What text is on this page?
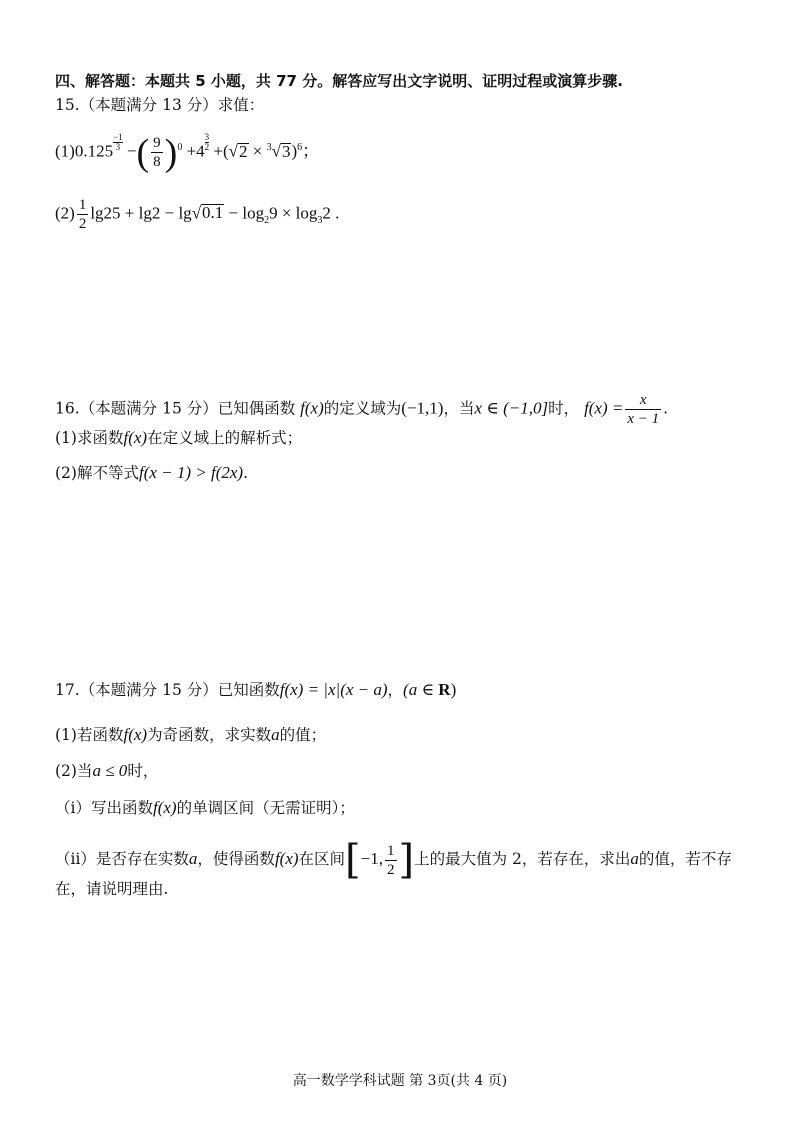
四、解答题：本题共 5 小题，共 77 分。解答应写出文字说明、证明过程或演算步骤.
15.（本题满分 13 分）求值：
$(1)0.125 \frac{-1}{3}$ −( $\frac{9}{8} )^0 +4 \frac{3}{2} +(√2 \times ^3√3)^6$；
$(2) \frac{1}{2} \lg 25 + \lg 2 - \lg√0.1 - \log_29 \times \log_32$ .
16.（本题满分 15 分）已知偶函数 f(x)的定义域为(−1,1)，当x ∈ (−1,0]时， $f(x) = \frac{x}{x - 1}$ .
(1)求函数f(x)在定义域上的解析式；
(2)解不等式f(x − 1) > f(2x).
17.（本题满分 15 分）已知函数f(x) = |x|(x − a)，(a ∈ R)
(1)若函数f(x)为奇函数，求实数a的值；
(2)当a ≤ 0时，
（i）写出函数f(x)的单调区间（无需证明）；
（ii）是否存在实数a，使得函数f(x)在区间[−1, $\frac{1}{2}$ ]上的最大值为 2，若存在，求出a的值，若不存
在，请说明理由.
高一数学学科试题 第 3页(共 4 页)
